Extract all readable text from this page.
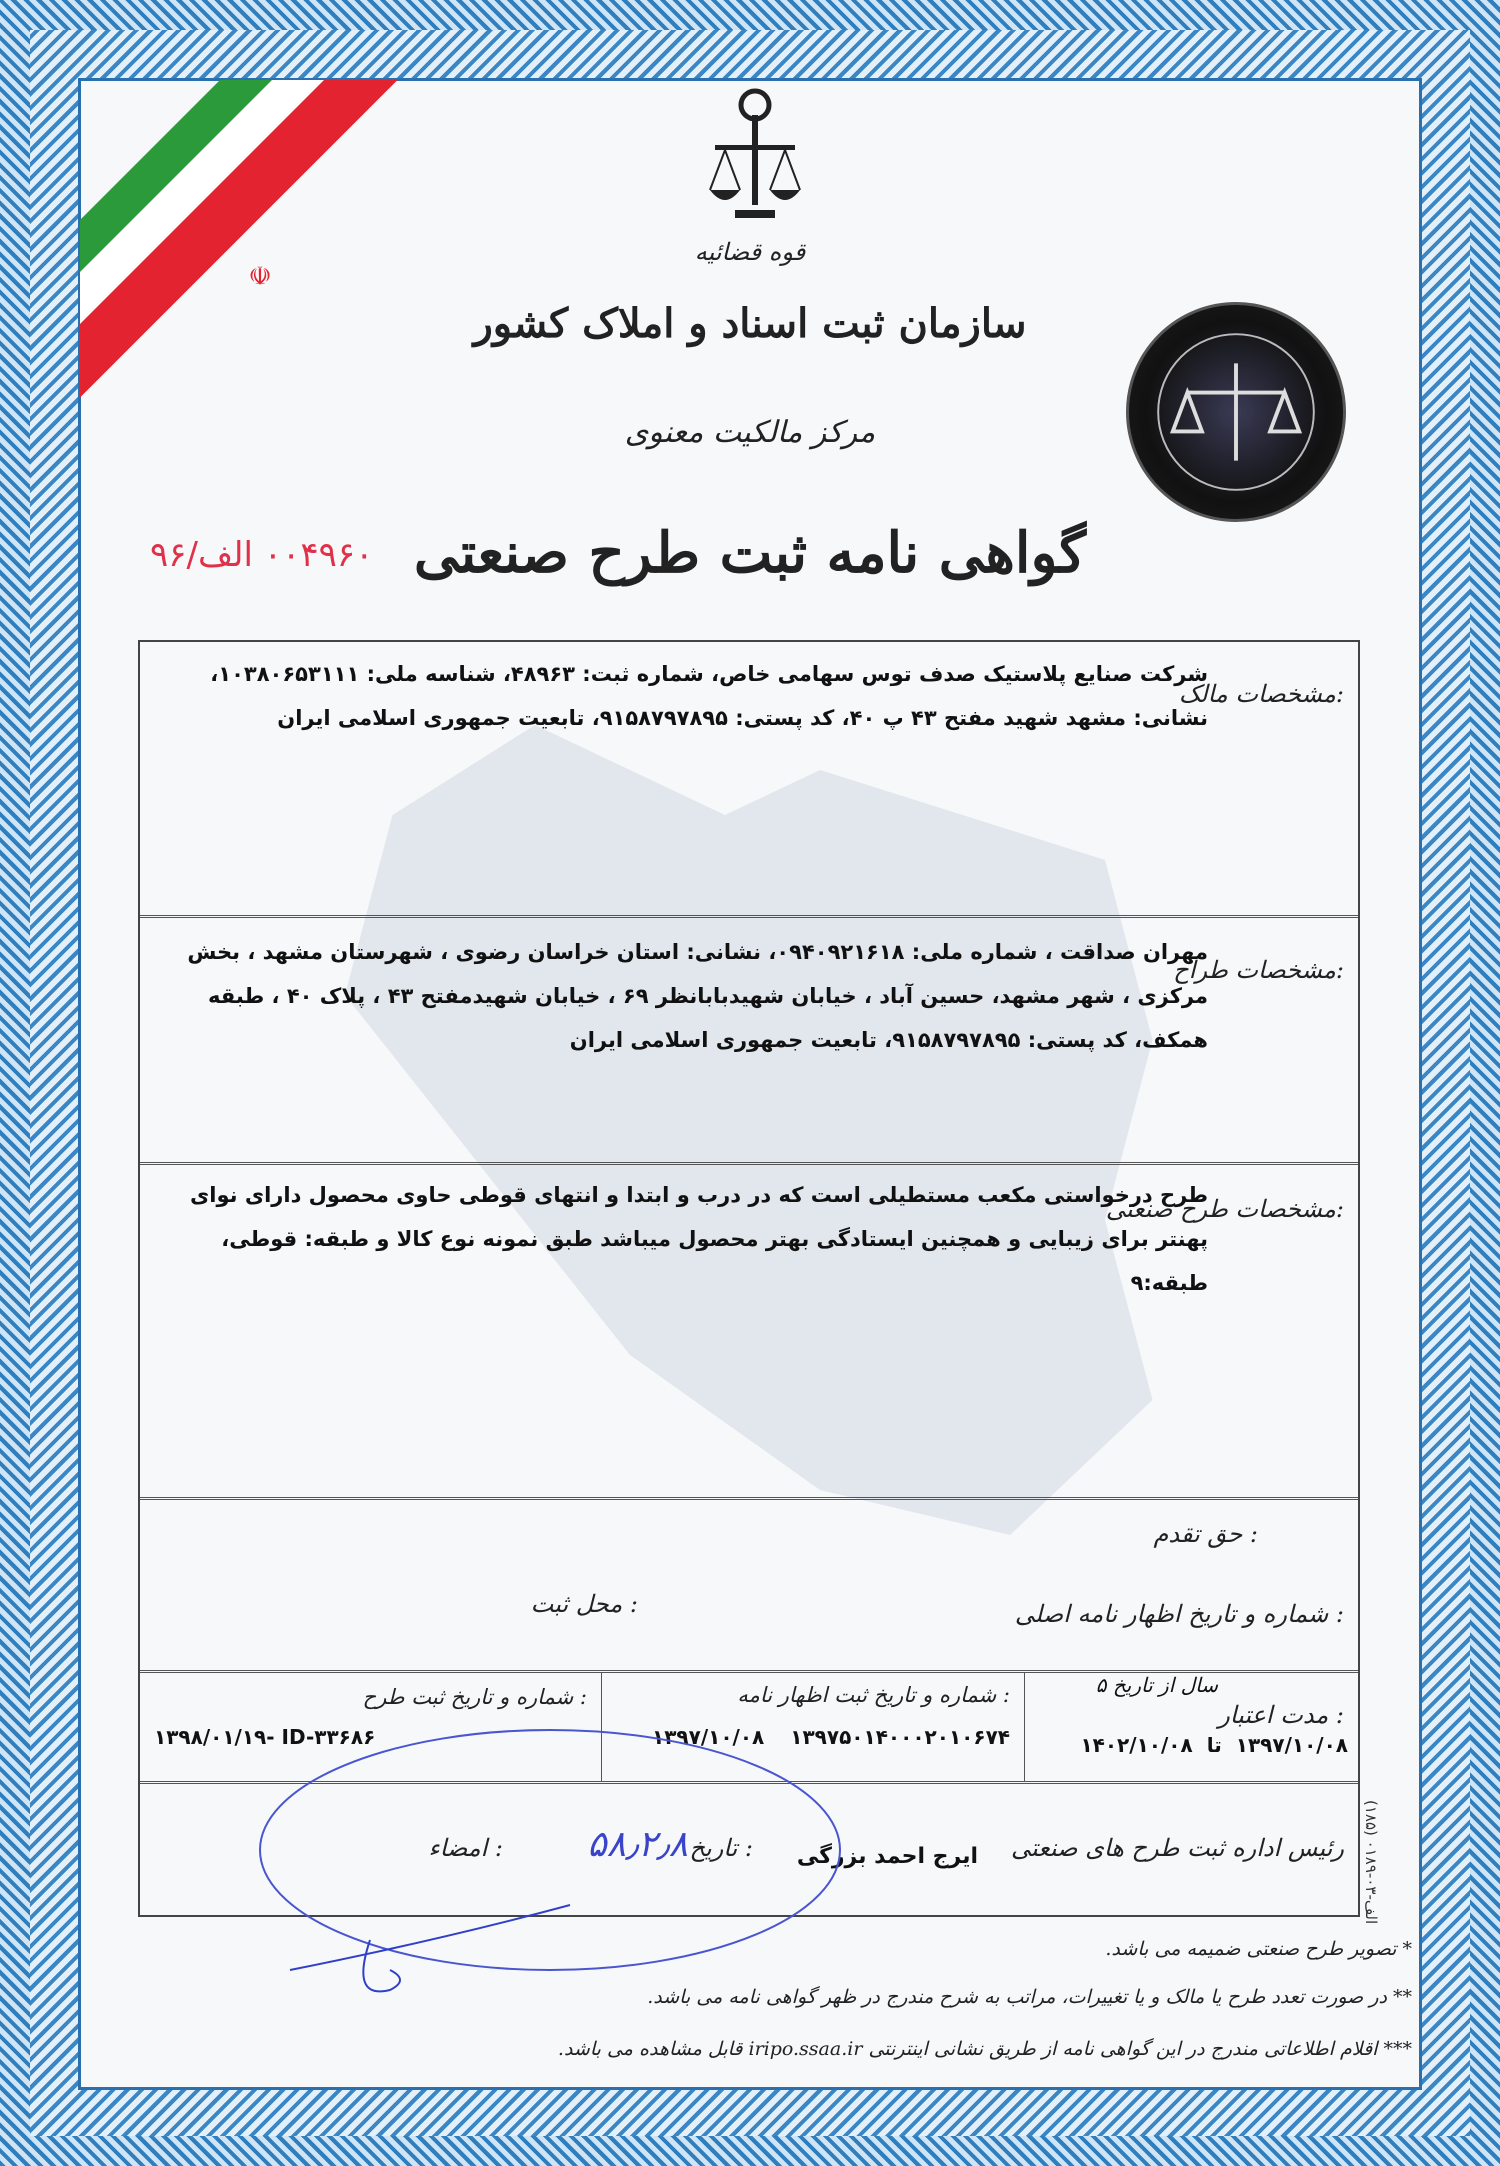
☫
قوه قضائیه
سازمان ثبت اسناد و املاک کشور
مرکز مالکیت معنوی
گواهی نامه ثبت طرح صنعتی
۰۰۴۹۶۰ الف/۹۶
مشخصات مالک:
شرکت صنایع پلاستیک صدف توس سهامی خاص، شماره ثبت: ۴۸۹۶۳، شناسه ملی: ۱۰۳۸۰۶۵۳۱۱۱، نشانی: مشهد شهید مفتح ۴۳ پ ۴۰، کد پستی: ۹۱۵۸۷۹۷۸۹۵، تابعیت جمهوری اسلامی ایران
مشخصات طراح:
مهران صداقت ، شماره ملی: ۰۹۴۰۹۲۱۶۱۸، نشانی: استان خراسان رضوی ، شهرستان مشهد ، بخش مرکزی ، شهر مشهد، حسین آباد ، خیابان شهیدبابانظر ۶۹ ، خیابان شهیدمفتح ۴۳ ، پلاک ۴۰ ، طبقه همکف، کد پستی: ۹۱۵۸۷۹۷۸۹۵، تابعیت جمهوری اسلامی ایران
مشخصات طرح صنعتی:
طرح درخواستی مکعب مستطیلی است که در درب و ابتدا و انتهای قوطی حاوی محصول دارای نوای پهنتر برای زیبایی و همچنین ایستادگی بهتر محصول میباشد طبق نمونه نوع کالا و طبقه: قوطی، طبقه:۹
حق تقدم :
شماره و تاریخ اظهار نامه اصلی :
محل ثبت :
مدت اعتبار :
۵ سال از تاریخ
۱۳۹۷/۱۰/۰۸
تا
۱۴۰۲/۱۰/۰۸
شماره و تاریخ ثبت اظهار نامه :
۱۳۹۷۵۰۱۴۰۰۰۲۰۱۰۶۷۴
۱۳۹۷/۱۰/۰۸
شماره و تاریخ ثبت طرح :
۱۳۹۸/۰۱/۱۹- ID-۳۳۶۸۶
رئیس اداره ثبت طرح های صنعتی
ایرج احمد بزرگی
تاریخ :
۵۸٫۲٫۸
امضاء :
(۱۸۵) الف-۰۳-۰۱۸۹
* تصویر طرح صنعتی ضمیمه می باشد.
** در صورت تعدد طرح یا مالک و یا تغییرات، مراتب به شرح مندرج در ظهر گواهی نامه می باشد.
*** اقلام اطلاعاتی مندرج در این گواهی نامه از طریق نشانی اینترنتی iripo.ssaa.ir قابل مشاهده می باشد.
